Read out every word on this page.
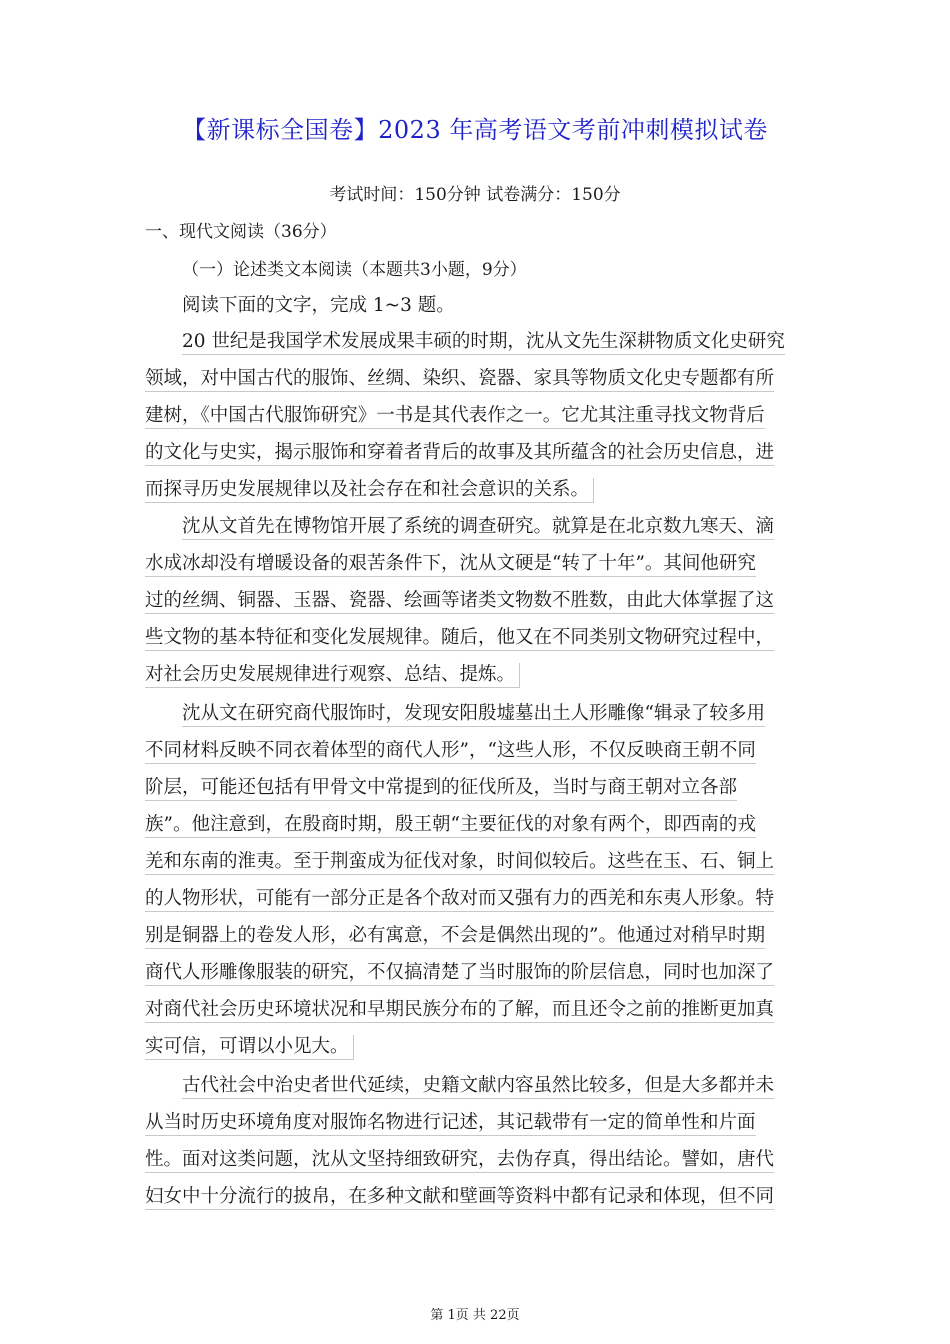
【新课标全国卷】2023 年高考语文考前冲刺模拟试卷
考试时间：150分钟 试卷满分：150分
一、现代文阅读（36分）
（一）论述类文本阅读（本题共3小题，9分）
阅读下面的文字，完成 1~3 题。
20 世纪是我国学术发展成果丰硕的时期，沈从文先生深耕物质文化史研究
领域，对中国古代的服饰、丝绸、染织、瓷器、家具等物质文化史专题都有所
建树，《中国古代服饰研究》一书是其代表作之一。它尤其注重寻找文物背后
的文化与史实，揭示服饰和穿着者背后的故事及其所蕴含的社会历史信息，进
而探寻历史发展规律以及社会存在和社会意识的关系。
沈从文首先在博物馆开展了系统的调查研究。就算是在北京数九寒天、滴
水成冰却没有增暖设备的艰苦条件下，沈从文硬是“转了十年”。其间他研究
过的丝绸、铜器、玉器、瓷器、绘画等诸类文物数不胜数，由此大体掌握了这
些文物的基本特征和变化发展规律。随后，他又在不同类别文物研究过程中，
对社会历史发展规律进行观察、总结、提炼。
沈从文在研究商代服饰时，发现安阳殷墟墓出土人形雕像“辑录了较多用
不同材料反映不同衣着体型的商代人形”，“这些人形，不仅反映商王朝不同
阶层，可能还包括有甲骨文中常提到的征伐所及，当时与商王朝对立各部
族”。他注意到，在殷商时期，殷王朝“主要征伐的对象有两个，即西南的戎
羌和东南的淮夷。至于荆蛮成为征伐对象，时间似较后。这些在玉、石、铜上
的人物形状，可能有一部分正是各个敌对而又强有力的西羌和东夷人形象。特
别是铜器上的卷发人形，必有寓意，不会是偶然出现的”。他通过对稍早时期
商代人形雕像服装的研究，不仅搞清楚了当时服饰的阶层信息，同时也加深了
对商代社会历史环境状况和早期民族分布的了解，而且还令之前的推断更加真
实可信，可谓以小见大。
古代社会中治史者世代延续，史籍文献内容虽然比较多，但是大多都并未
从当时历史环境角度对服饰名物进行记述，其记载带有一定的简单性和片面
性。面对这类问题，沈从文坚持细致研究，去伪存真，得出结论。譬如，唐代
妇女中十分流行的披帛，在多种文献和壁画等资料中都有记录和体现，但不同
第 1页 共 22页
